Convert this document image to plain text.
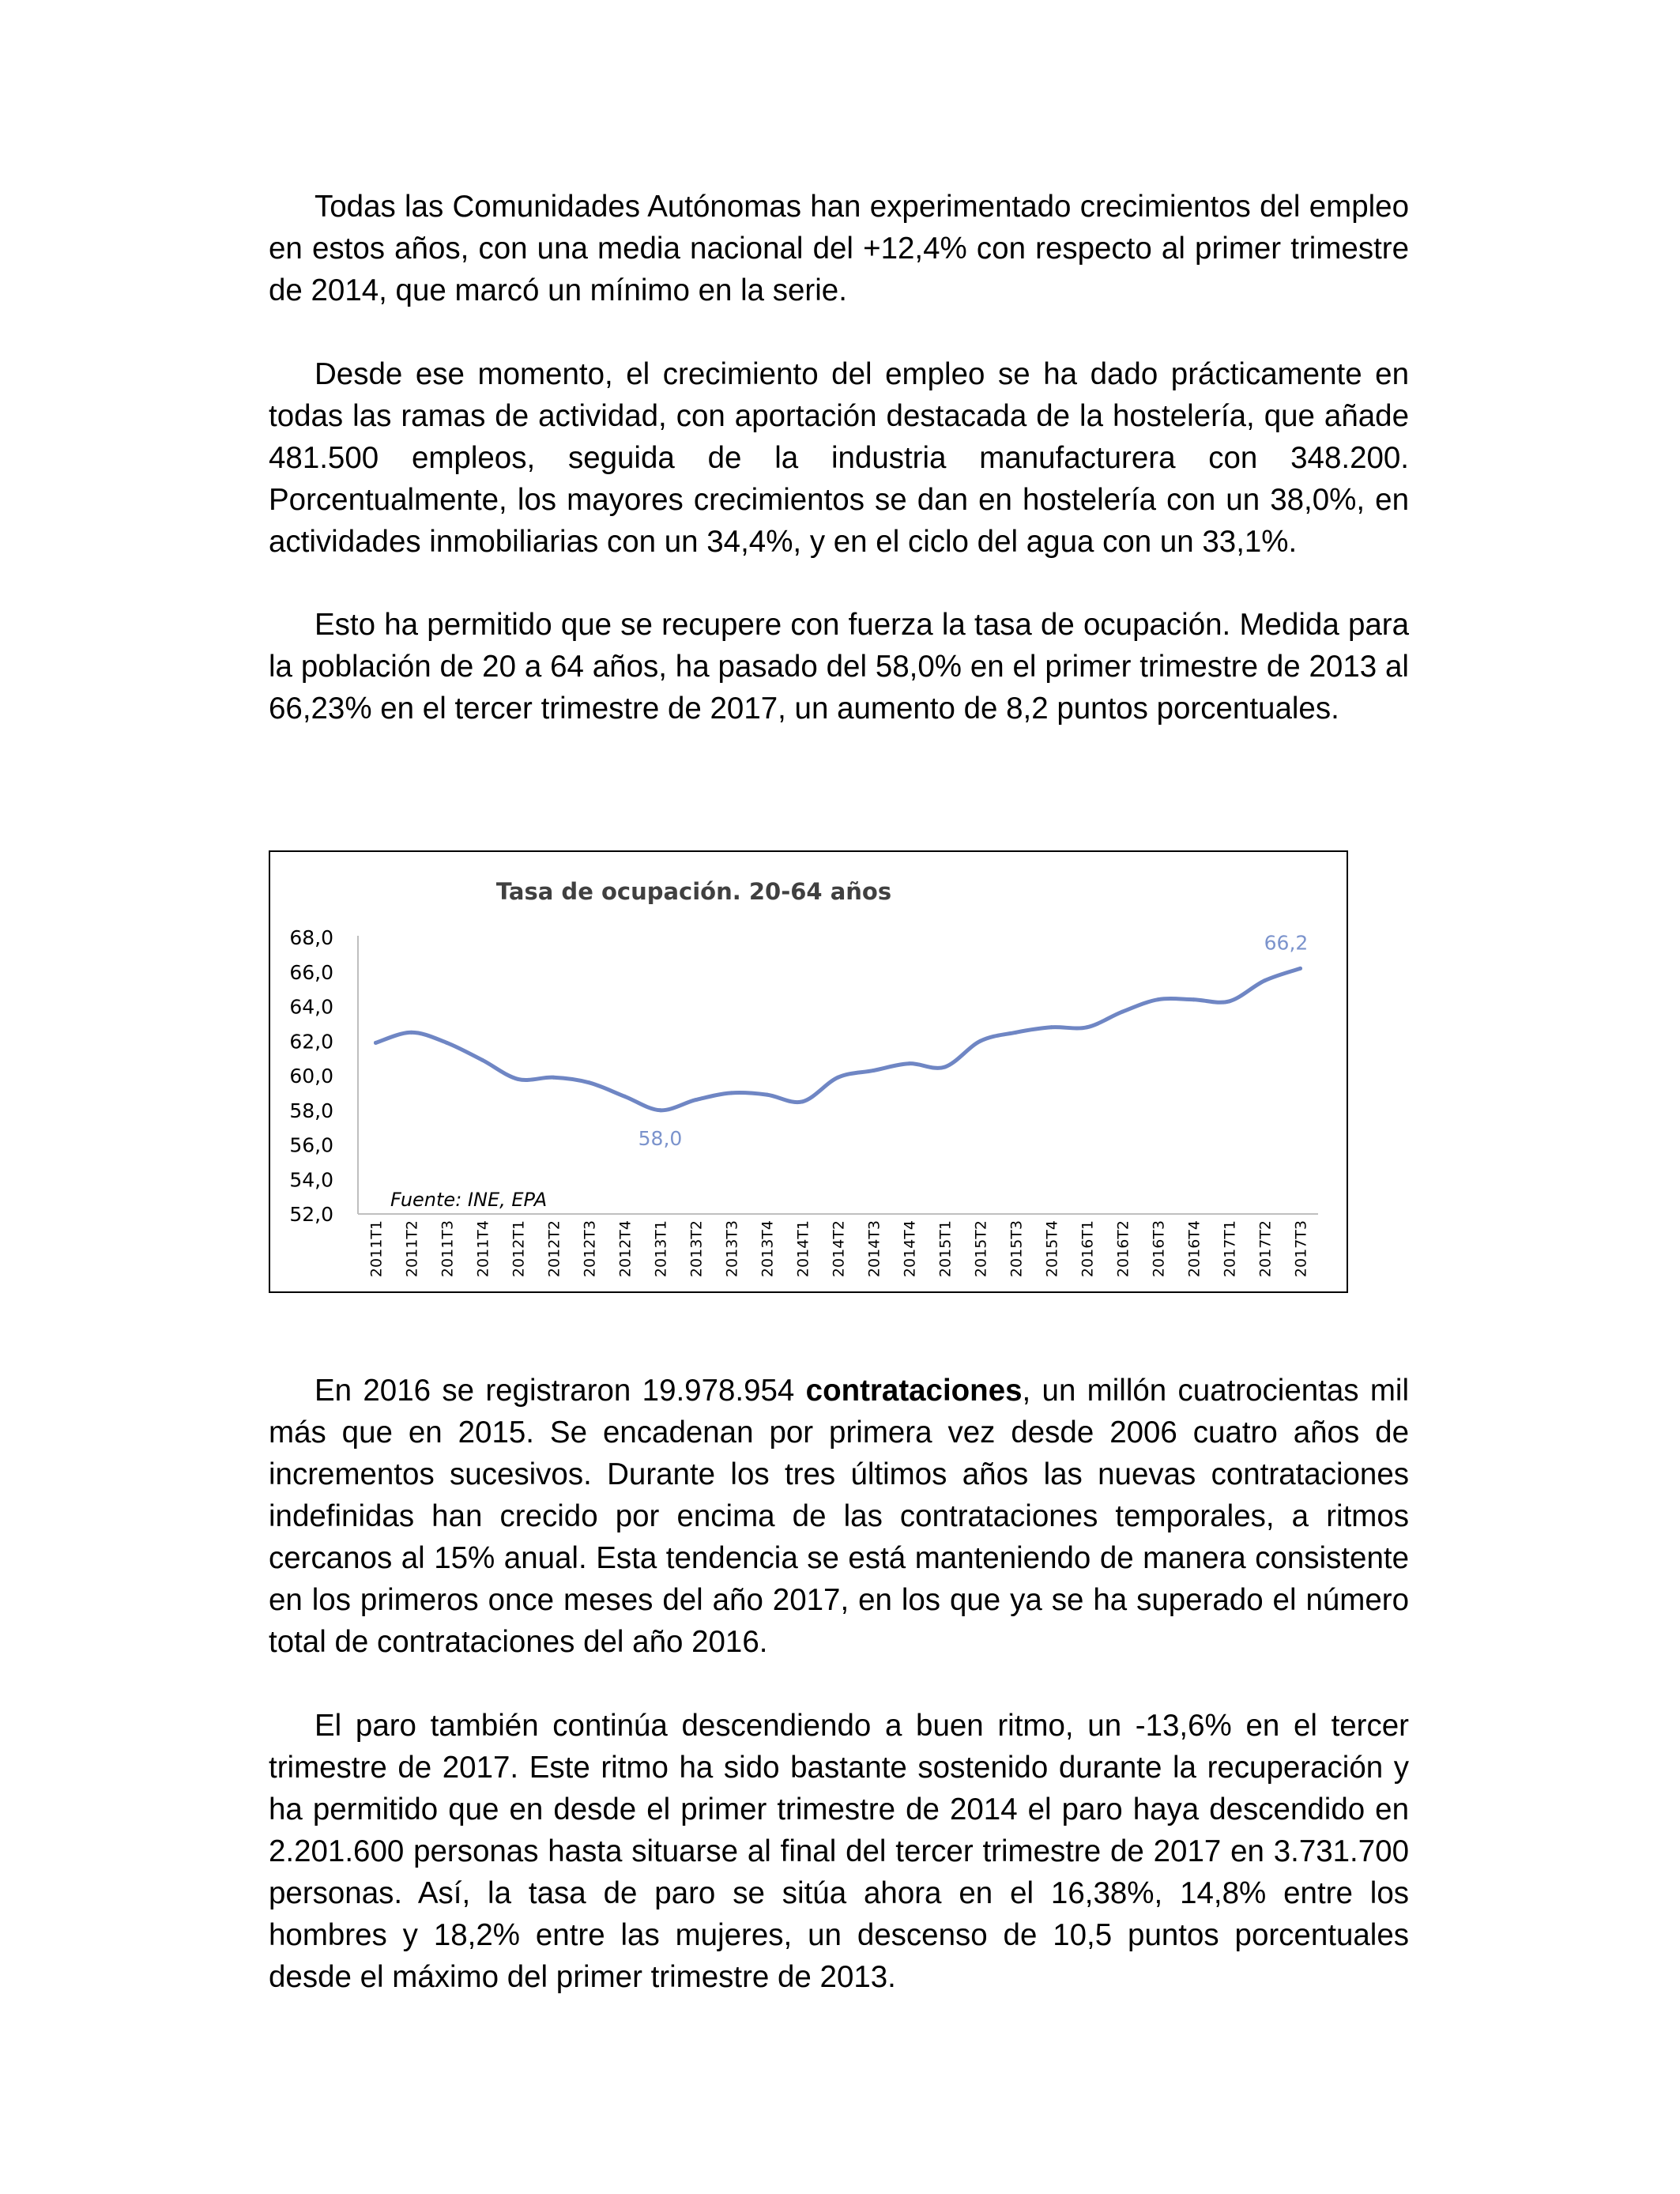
Todas las Comunidades Autónomas han experimentado crecimientos del empleo en estos años, con una media nacional del +12,4% con respecto al primer trimestre de 2014, que marcó un mínimo en la serie.

Desde ese momento, el crecimiento del empleo se ha dado prácticamente en todas las ramas de actividad, con aportación destacada de la hostelería, que añade 481.500 empleos, seguida de la industria manufacturera con 348.200. Porcentualmente, los mayores crecimientos se dan en hostelería con un 38,0%, en actividades inmobiliarias con un 34,4%, y en el ciclo del agua con un 33,1%.

Esto ha permitido que se recupere con fuerza la tasa de ocupación. Medida para la población de 20 a 64 años, ha pasado del 58,0% en el primer trimestre de 2013 al 66,23% en el tercer trimestre de 2017, un aumento de 8,2 puntos porcentuales.

Tasa de ocupación. 20-64 años
52,0
54,0
56,0
58,0
60,0
62,0
64,0
66,0
68,0
2011T1 2011T2 2011T3 2011T4 2012T1 2012T2 2012T3 2012T4 2013T1 2013T2 2013T3 2013T4 2014T1 2014T2 2014T3 2014T4 2015T1 2015T2 2015T3 2015T4 2016T1 2016T2 2016T3 2016T4 2017T1 2017T2 2017T3
58,0
66,2
Fuente: INE, EPA

En 2016 se registraron 19.978.954 contrataciones, un millón cuatrocientas mil más que en 2015. Se encadenan por primera vez desde 2006 cuatro años de incrementos sucesivos. Durante los tres últimos años las nuevas contrataciones indefinidas han crecido por encima de las contrataciones temporales, a ritmos cercanos al 15% anual. Esta tendencia se está manteniendo de manera consistente en los primeros once meses del año 2017, en los que ya se ha superado el número total de contrataciones del año 2016.

El paro también continúa descendiendo a buen ritmo, un -13,6% en el tercer trimestre de 2017. Este ritmo ha sido bastante sostenido durante la recuperación y ha permitido que en desde el primer trimestre de 2014 el paro haya descendido en 2.201.600 personas hasta situarse al final del tercer trimestre de 2017 en 3.731.700 personas. Así, la tasa de paro se sitúa ahora en el 16,38%, 14,8% entre los hombres y 18,2% entre las mujeres, un descenso de 10,5 puntos porcentuales desde el máximo del primer trimestre de 2013.
